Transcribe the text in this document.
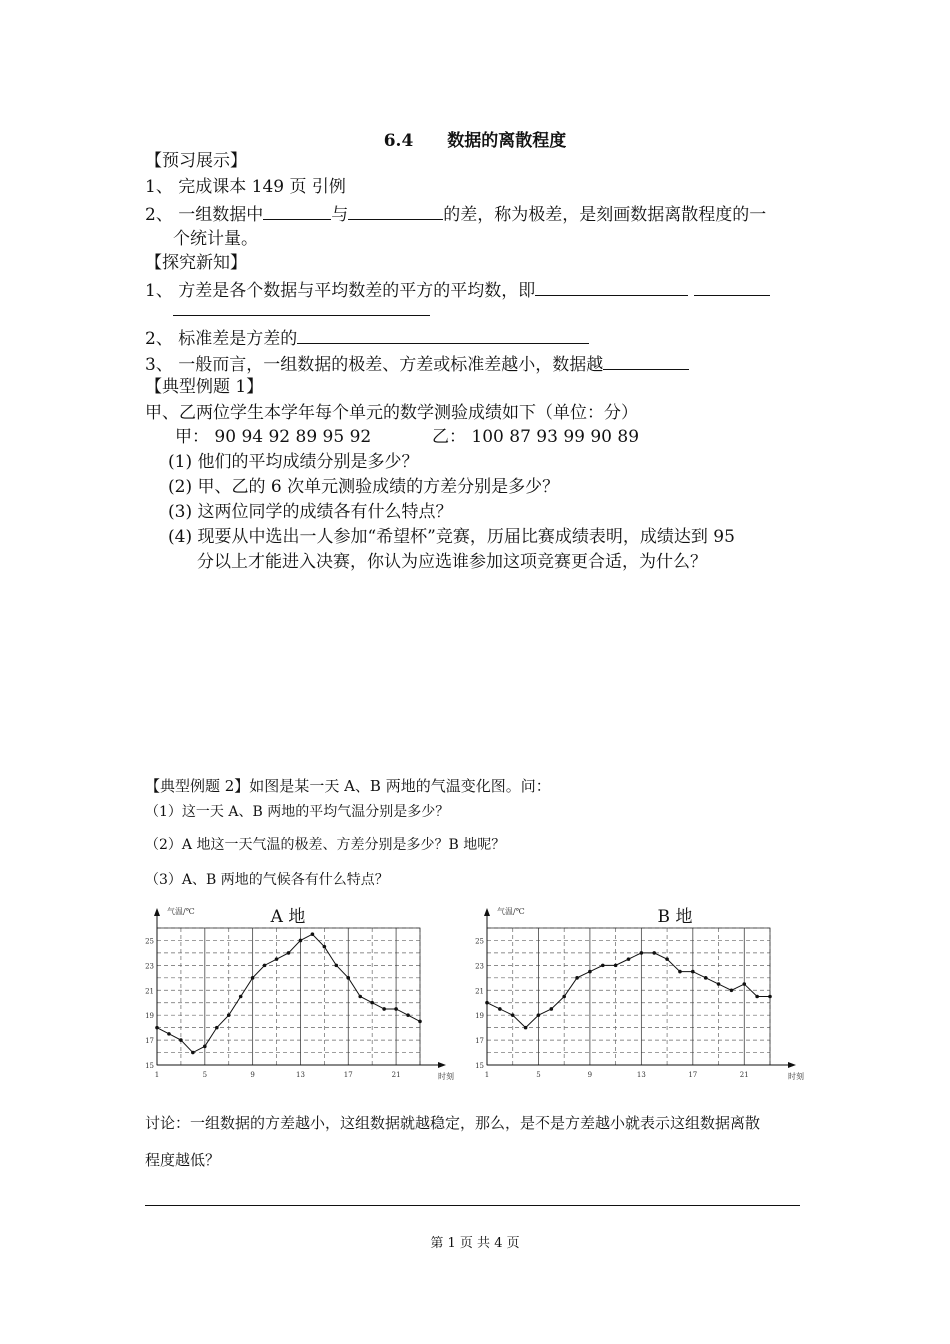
6.4 数据的离散程度
【预习展示】
1、 完成课本 149 页 引例
2、 一组数据中	与	的差，称为极差，是刻画数据离散程度的一
个统计量。
【探究新知】
1、 方差是各个数据与平均数差的平方的平均数，即
2、 标准差是方差的
3、 一般而言，一组数据的极差、方差或标准差越小，数据越
【典型例题 1】
甲、乙两位学生本学年每个单元的数学测验成绩如下（单位：分）
甲： 90 94 92 89 95 92	乙： 100 87 93 99 90 89
(1) 他们的平均成绩分别是多少？
(2) 甲、乙的 6 次单元测验成绩的方差分别是多少？
(3) 这两位同学的成绩各有什么特点？
(4) 现要从中选出一人参加“希望杯”竞赛，历届比赛成绩表明，成绩达到 95
分以上才能进入决赛，你认为应选谁参加这项竞赛更合适，为什么？
【典型例题 2】如图是某一天 A、B 两地的气温变化图。问：
（1）这一天 A、B 两地的平均气温分别是多少？
（2）A 地这一天气温的极差、方差分别是多少？B 地呢？
（3）A、B 两地的气候各有什么特点？
15
17
19
21
23
25
1	5	9	13	17	21
气温/℃
时刻
A 地
15
17
19
21
23
25
1	5	9	13	17	21
气温/℃
时刻
B 地
讨论：一组数据的方差越小，这组数据就越稳定，那么，是不是方差越小就表示这组数据离散
程度越低？
第 1 页 共 4 页
